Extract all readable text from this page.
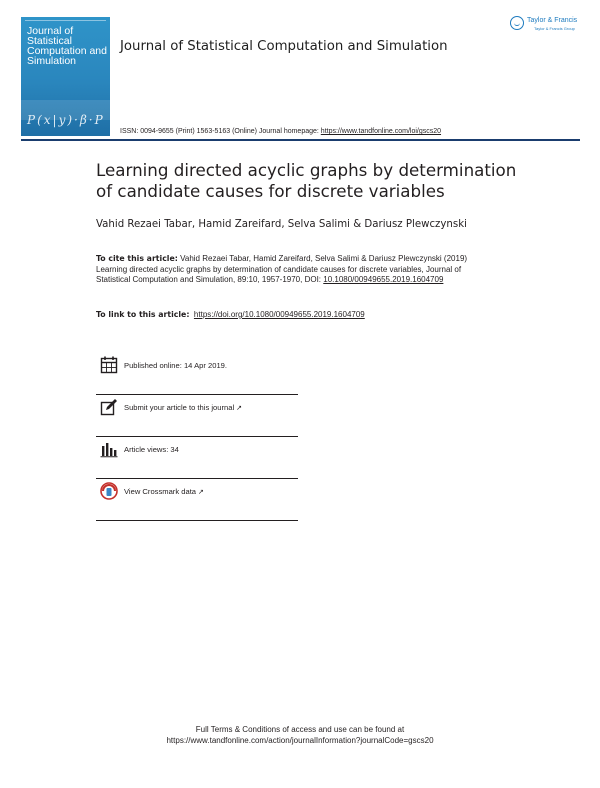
Journal of Statistical Computation and Simulation
P(x|y)·β·P
Journal of Statistical Computation and Simulation
Taylor & Francis
Taylor & Francis Group
ISSN: 0094-9655 (Print) 1563-5163 (Online) Journal homepage: https://www.tandfonline.com/loi/gscs20
Learning directed acyclic graphs by determination of candidate causes for discrete variables
Vahid Rezaei Tabar, Hamid Zareifard, Selva Salimi & Dariusz Plewczynski
To cite this article: Vahid Rezaei Tabar, Hamid Zareifard, Selva Salimi & Dariusz Plewczynski (2019) Learning directed acyclic graphs by determination of candidate causes for discrete variables, Journal of Statistical Computation and Simulation, 89:10, 1957-1970, DOI: 10.1080/00949655.2019.1604709
To link to this article: https://doi.org/10.1080/00949655.2019.1604709
Published online: 14 Apr 2019.
Submit your article to this journal ↗
Article views: 34
View Crossmark data ↗
Full Terms & Conditions of access and use can be found at
https://www.tandfonline.com/action/journalInformation?journalCode=gscs20
